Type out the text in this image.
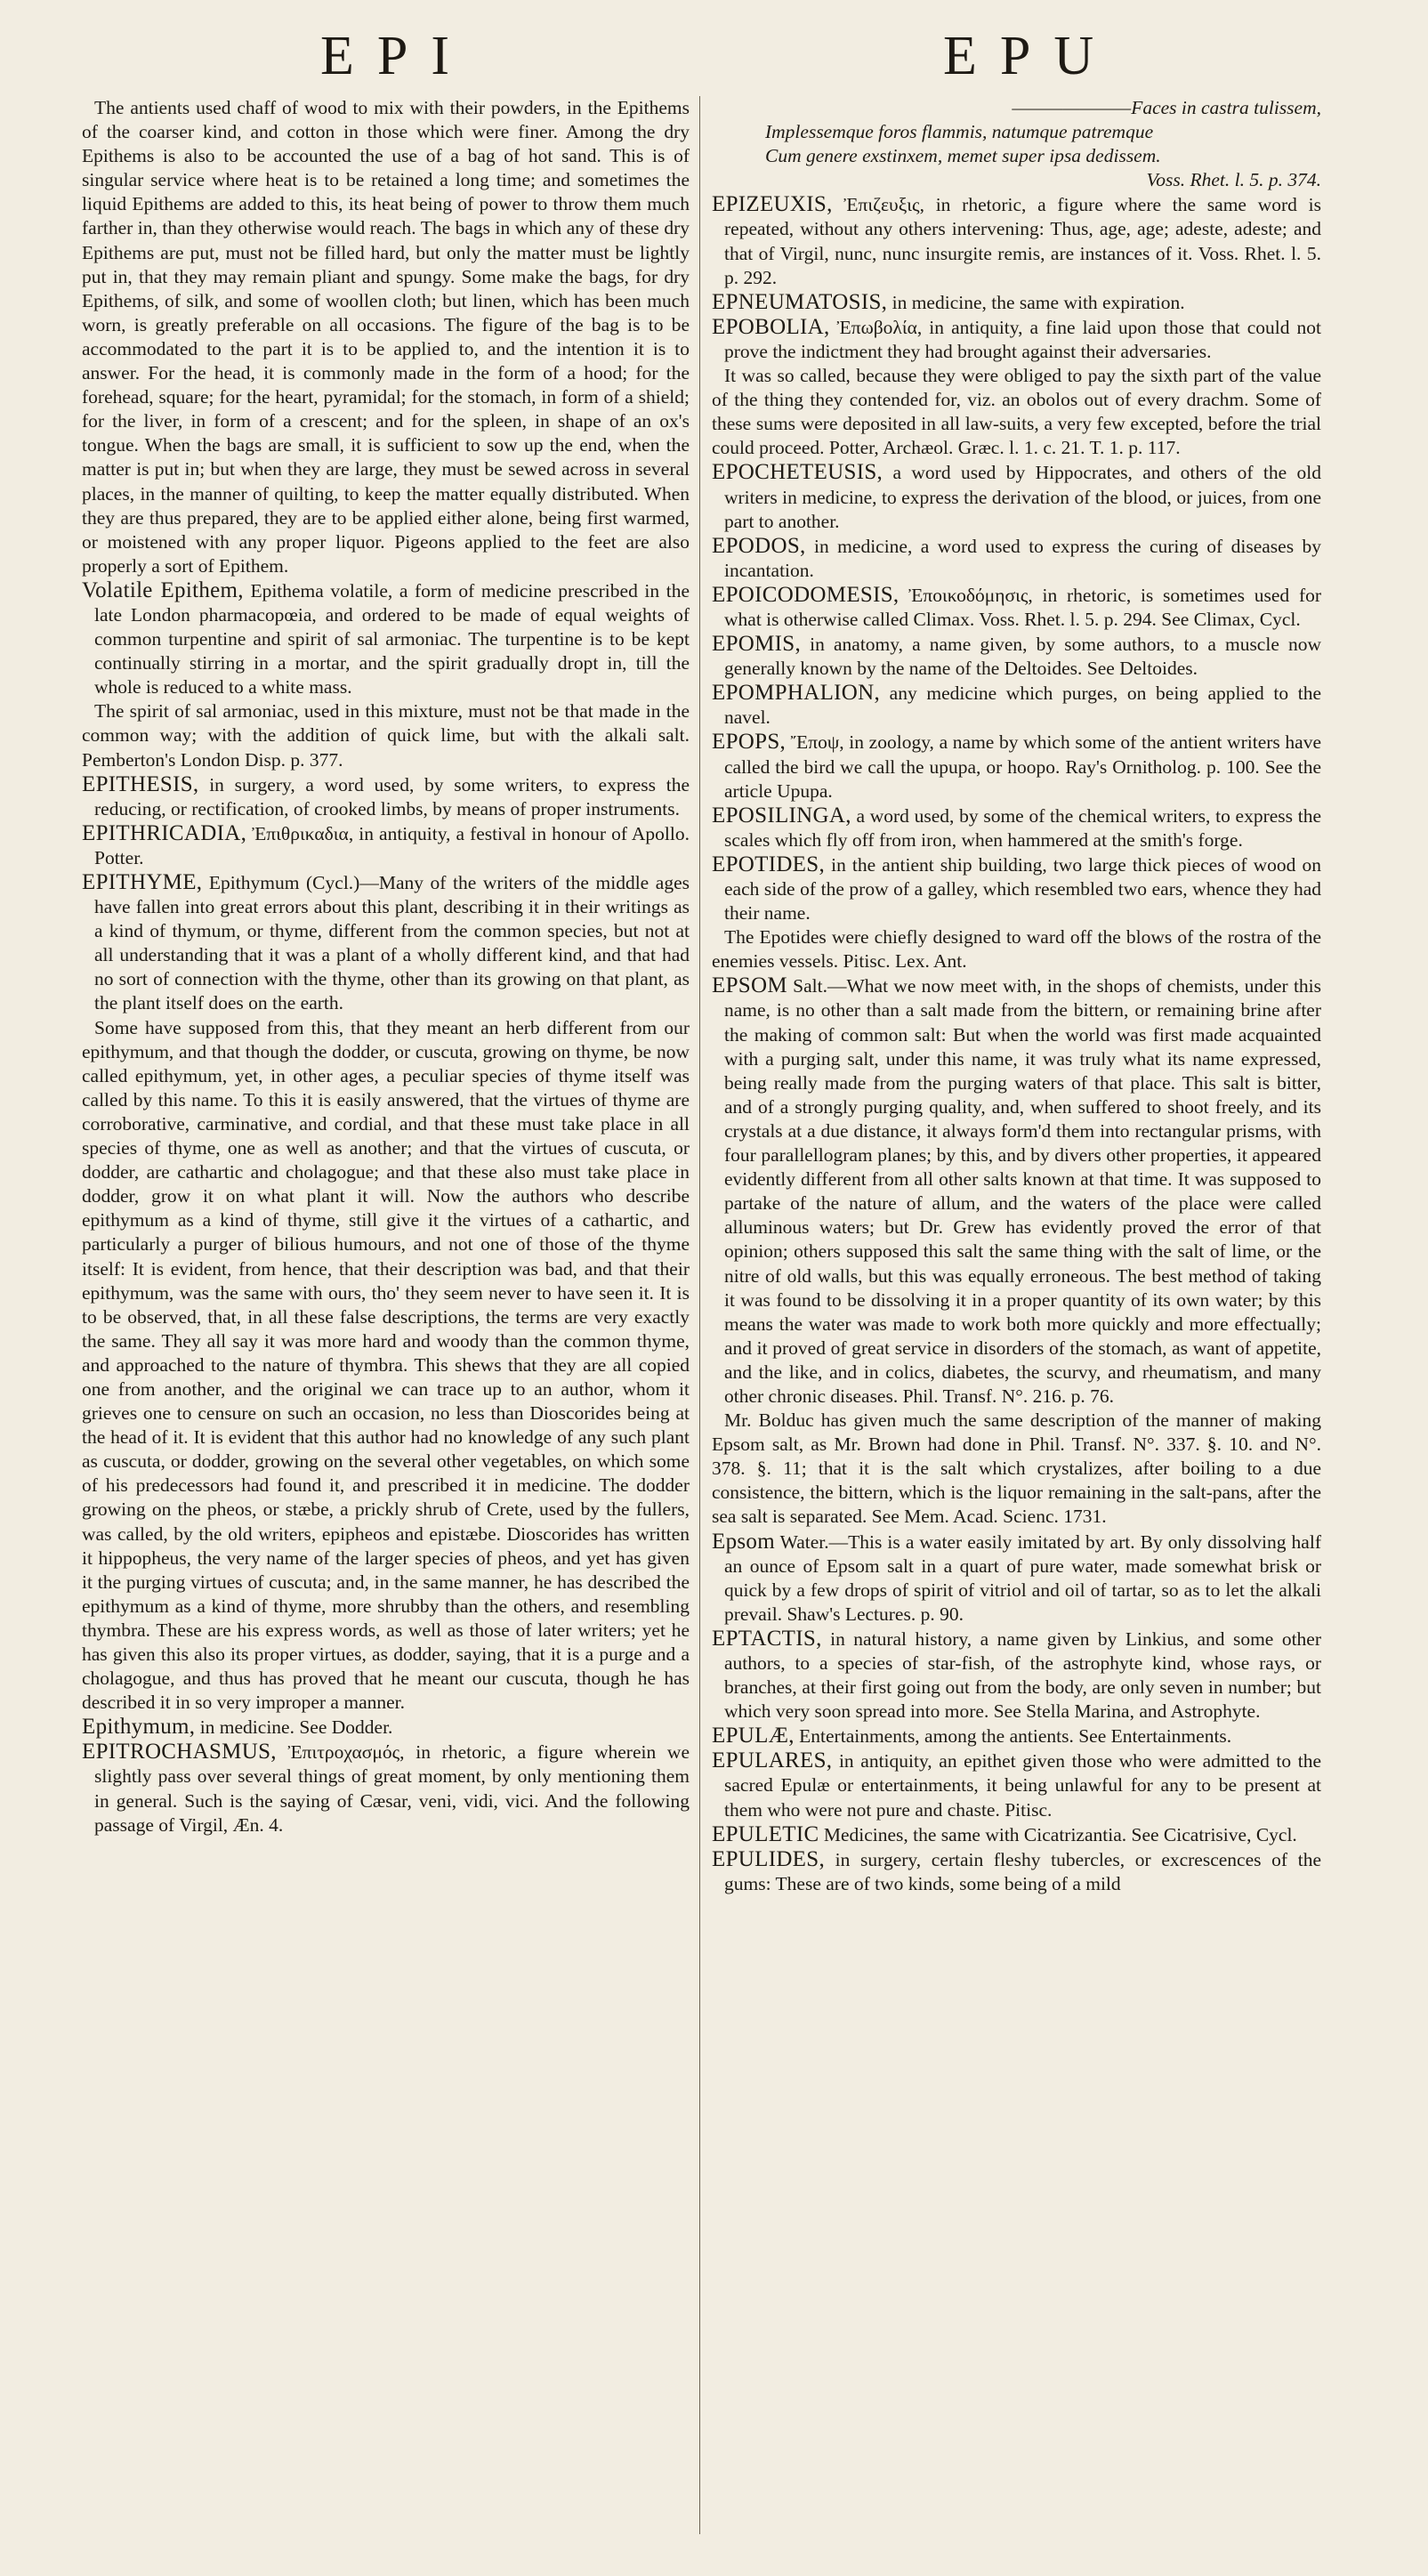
EPI	EPU

The antients used chaff of wood to mix with their powders, in the Epithems of the coarser kind, and cotton in those which were finer. Among the dry Epithems is also to be accounted the use of a bag of hot sand. This is of singular service where heat is to be retained a long time; and sometimes the liquid Epithems are added to this, its heat being of power to throw them much farther in, than they otherwise would reach. The bags in which any of these dry Epithems are put, must not be filled hard, but only the matter must be lightly put in, that they may remain pliant and spungy. Some make the bags, for dry Epithems, of silk, and some of woollen cloth; but linen, which has been much worn, is greatly preferable on all occasions. The figure of the bag is to be accommodated to the part it is to be applied to, and the intention it is to answer. For the head, it is commonly made in the form of a hood; for the forehead, square; for the heart, pyramidal; for the stomach, in form of a shield; for the liver, in form of a crescent; and for the spleen, in shape of an ox's tongue. When the bags are small, it is sufficient to sow up the end, when the matter is put in; but when they are large, they must be sewed across in several places, in the manner of quilting, to keep the matter equally distributed. When they are thus prepared, they are to be applied either alone, being first warmed, or moistened with any proper liquor. Pigeons applied to the feet are also properly a sort of Epithem.

Volatile Epithem, Epithema volatile, a form of medicine prescribed in the late London pharmacopœia, and ordered to be made of equal weights of common turpentine and spirit of sal armoniac. The turpentine is to be kept continually stirring in a mortar, and the spirit gradually dropt in, till the whole is reduced to a white mass.

The spirit of sal armoniac, used in this mixture, must not be that made in the common way; with the addition of quick lime, but with the alkali salt. Pemberton's London Disp. p. 377.

EPITHESIS, in surgery, a word used, by some writers, to express the reducing, or rectification, of crooked limbs, by means of proper instruments.

EPITHRICADIA, Ἐπιθρικαδια, in antiquity, a festival in honour of Apollo. Potter.

EPITHYME, Epithymum (Cycl.)—Many of the writers of the middle ages have fallen into great errors about this plant, describing it in their writings as a kind of thymum, or thyme, different from the common species, but not at all understanding that it was a plant of a wholly different kind, and that had no sort of connection with the thyme, other than its growing on that plant, as the plant itself does on the earth.

Some have supposed from this, that they meant an herb different from our epithymum, and that though the dodder, or cuscuta, growing on thyme, be now called epithymum, yet, in other ages, a peculiar species of thyme itself was called by this name. To this it is easily answered, that the virtues of thyme are corroborative, carminative, and cordial, and that these must take place in all species of thyme, one as well as another; and that the virtues of cuscuta, or dodder, are cathartic and cholagogue; and that these also must take place in dodder, grow it on what plant it will. Now the authors who describe epithymum as a kind of thyme, still give it the virtues of a cathartic, and particularly a purger of bilious humours, and not one of those of the thyme itself: It is evident, from hence, that their description was bad, and that their epithymum, was the same with ours, tho' they seem never to have seen it. It is to be observed, that, in all these false descriptions, the terms are very exactly the same. They all say it was more hard and woody than the common thyme, and approached to the nature of thymbra. This shews that they are all copied one from another, and the original we can trace up to an author, whom it grieves one to censure on such an occasion, no less than Dioscorides being at the head of it. It is evident that this author had no knowledge of any such plant as cuscuta, or dodder, growing on the several other vegetables, on which some of his predecessors had found it, and prescribed it in medicine. The dodder growing on the pheos, or stæbe, a prickly shrub of Crete, used by the fullers, was called, by the old writers, epipheos and epistæbe. Dioscorides has written it hippopheus, the very name of the larger species of pheos, and yet has given it the purging virtues of cuscuta; and, in the same manner, he has described the epithymum as a kind of thyme, more shrubby than the others, and resembling thymbra. These are his express words, as well as those of later writers; yet he has given this also its proper virtues, as dodder, saying, that it is a purge and a cholagogue, and thus has proved that he meant our cuscuta, though he has described it in so very improper a manner.

Epithymum, in medicine. See Dodder.

EPITROCHASMUS, Ἐπιτροχασμός, in rhetoric, a figure wherein we slightly pass over several things of great moment, by only mentioning them in general. Such is the saying of Cæsar, veni, vidi, vici. And the following passage of Virgil, Æn. 4.

———————Faces in castra tulissem,

Implessemque foros flammis, natumque patremque

Cum genere exstinxem, memet super ipsa dedissem.

Voss. Rhet. l. 5. p. 374.

EPIZEUXIS, Ἐπιζευξις, in rhetoric, a figure where the same word is repeated, without any others intervening: Thus, age, age; adeste, adeste; and that of Virgil, nunc, nunc insurgite remis, are instances of it. Voss. Rhet. l. 5. p. 292.

EPNEUMATOSIS, in medicine, the same with expiration.

EPOBOLIA, Ἐπωβολία, in antiquity, a fine laid upon those that could not prove the indictment they had brought against their adversaries.

It was so called, because they were obliged to pay the sixth part of the value of the thing they contended for, viz. an obolos out of every drachm. Some of these sums were deposited in all law-suits, a very few excepted, before the trial could proceed. Potter, Archæol. Græc. l. 1. c. 21. T. 1. p. 117.

EPOCHETEUSIS, a word used by Hippocrates, and others of the old writers in medicine, to express the derivation of the blood, or juices, from one part to another.

EPODOS, in medicine, a word used to express the curing of diseases by incantation.

EPOICODOMESIS, Ἐποικοδόμησις, in rhetoric, is sometimes used for what is otherwise called Climax. Voss. Rhet. l. 5. p. 294. See Climax, Cycl.

EPOMIS, in anatomy, a name given, by some authors, to a muscle now generally known by the name of the Deltoides. See Deltoides.

EPOMPHALION, any medicine which purges, on being applied to the navel.

EPOPS, Ἔποψ, in zoology, a name by which some of the antient writers have called the bird we call the upupa, or hoopo. Ray's Ornitholog. p. 100. See the article Upupa.

EPOSILINGA, a word used, by some of the chemical writers, to express the scales which fly off from iron, when hammered at the smith's forge.

EPOTIDES, in the antient ship building, two large thick pieces of wood on each side of the prow of a galley, which resembled two ears, whence they had their name.

The Epotides were chiefly designed to ward off the blows of the rostra of the enemies vessels. Pitisc. Lex. Ant.

EPSOM Salt.—What we now meet with, in the shops of chemists, under this name, is no other than a salt made from the bittern, or remaining brine after the making of common salt: But when the world was first made acquainted with a purging salt, under this name, it was truly what its name expressed, being really made from the purging waters of that place. This salt is bitter, and of a strongly purging quality, and, when suffered to shoot freely, and its crystals at a due distance, it always form'd them into rectangular prisms, with four parallellogram planes; by this, and by divers other properties, it appeared evidently different from all other salts known at that time. It was supposed to partake of the nature of allum, and the waters of the place were called alluminous waters; but Dr. Grew has evidently proved the error of that opinion; others supposed this salt the same thing with the salt of lime, or the nitre of old walls, but this was equally erroneous. The best method of taking it was found to be dissolving it in a proper quantity of its own water; by this means the water was made to work both more quickly and more effectually; and it proved of great service in disorders of the stomach, as want of appetite, and the like, and in colics, diabetes, the scurvy, and rheumatism, and many other chronic diseases. Phil. Transf. N°. 216. p. 76.

Mr. Bolduc has given much the same description of the manner of making Epsom salt, as Mr. Brown had done in Phil. Transf. N°. 337. §. 10. and N°. 378. §. 11; that it is the salt which crystalizes, after boiling to a due consistence, the bittern, which is the liquor remaining in the salt-pans, after the sea salt is separated. See Mem. Acad. Scienc. 1731.

Epsom Water.—This is a water easily imitated by art. By only dissolving half an ounce of Epsom salt in a quart of pure water, made somewhat brisk or quick by a few drops of spirit of vitriol and oil of tartar, so as to let the alkali prevail. Shaw's Lectures. p. 90.

EPTACTIS, in natural history, a name given by Linkius, and some other authors, to a species of star-fish, of the astrophyte kind, whose rays, or branches, at their first going out from the body, are only seven in number; but which very soon spread into more. See Stella Marina, and Astrophyte.

EPULÆ, Entertainments, among the antients. See Entertainments.

EPULARES, in antiquity, an epithet given those who were admitted to the sacred Epulæ or entertainments, it being unlawful for any to be present at them who were not pure and chaste. Pitisc.

EPULETIC Medicines, the same with Cicatrizantia. See Cicatrisive, Cycl.

EPULIDES, in surgery, certain fleshy tubercles, or excrescences of the gums: These are of two kinds, some being of a mild
